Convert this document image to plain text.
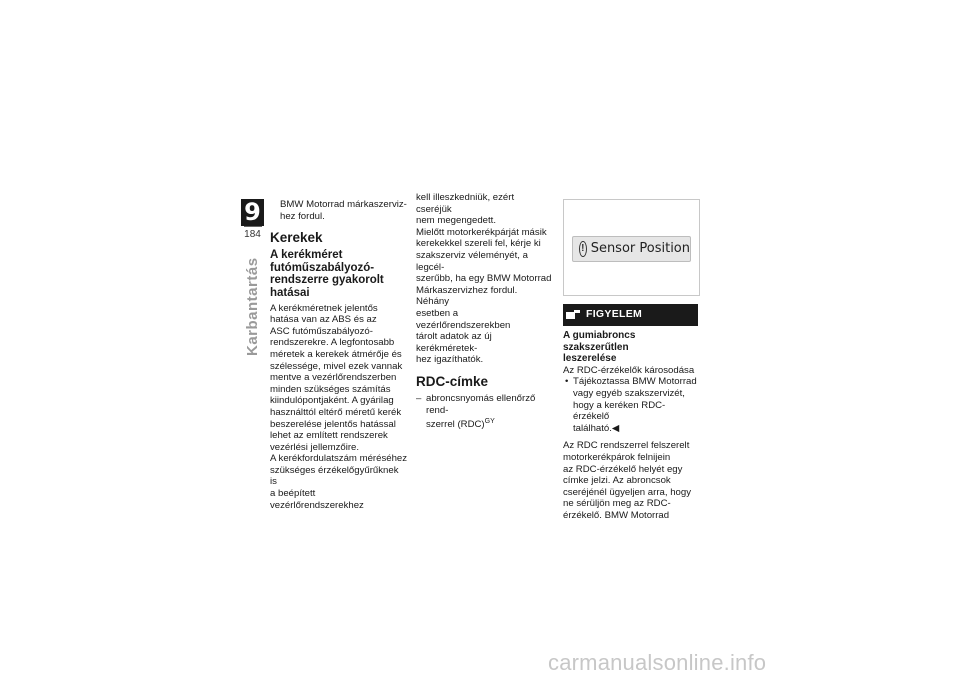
9
184
Karbantartás

BMW Motorrad márkaszerviz-

hez fordul.

Kerekek
A kerékméret
futóműszabályozó-
rendszerre gyakorolt
hatásai

A kerékméretnek jelentős

hatása van az ABS és az

ASC futóműszabályozó-

rendszerekre. A legfontosabb

méretek a kerekek átmérője és

szélessége, mivel ezek vannak

mentve a vezérlőrendszerben

minden szükséges számítás

kiindulópontjaként. A gyárilag

használttól eltérő méretű kerék

beszerelése jelentős hatással

lehet az említett rendszerek

vezérlési jellemzőire.

A kerékfordulatszám méréséhez

szükséges érzékelőgyűrűknek is

a beépített vezérlőrendszerekhez

kell illeszkedniük, ezért cseréjük

nem megengedett.

Mielőtt motorkerékpárját másik

kerekekkel szereli fel, kérje ki

szakszerviz véleményét, a legcél-

szerűbb, ha egy BMW Motorrad

Márkaszervizhez fordul. Néhány

esetben a vezérlőrendszerekben

tárolt adatok az új kerékméretek-

hez igazíthatók.

RDC-címke

– abroncsnyomás ellenőrző rend-

szerrel (RDC)$^{GY}$

! Sensor Position
FIGYELEM

A gumiabroncs szakszerűtlen

leszerelése

Az RDC-érzékelők károsodása

• Tájékoztassa BMW Motorrad

vagy egyéb szakszervizét,

hogy a keréken RDC-érzékelő

található.◀

Az RDC rendszerrel felszerelt

motorkerékpárok felnijein

az RDC-érzékelő helyét egy

címke jelzi. Az abroncsok

cseréjénél ügyeljen arra, hogy

ne sérüljön meg az RDC-

érzékelő. BMW Motorrad

carmanualsonline.info
